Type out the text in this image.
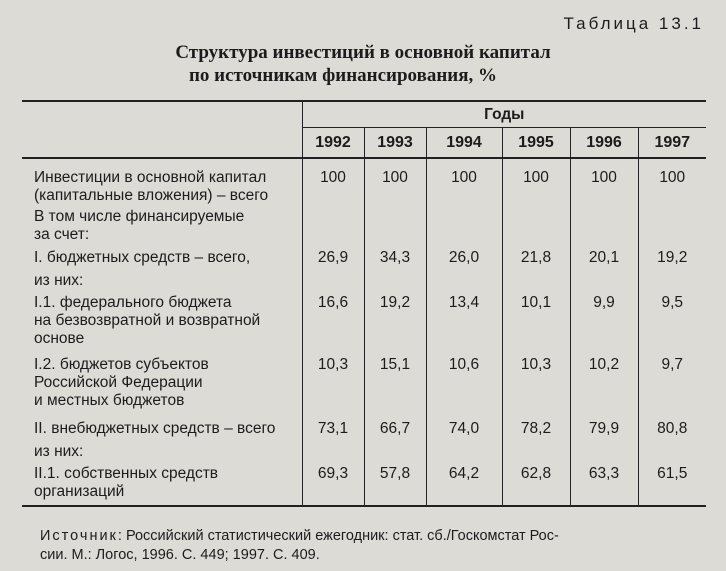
Таблица 13.1
Структура инвестиций в основной капитал
по источникам финансирования, %
	Годы					
	1992	1993	1994	1995	1996	1997

Инвестиции в основной капитал
(капитальные вложения) – всего	100	100	100	100	100	100

В том числе финансируемые
за счет:						

I. бюджетных средств – всего,	26,9	34,3	26,0	21,8	20,1	19,2

из них:						

I.1. федерального бюджета
на безвозвратной и возвратной
основе	16,6	19,2	13,4	10,1	9,9	9,5

I.2. бюджетов субъектов
Российской Федерации
и местных бюджетов	10,3	15,1	10,6	10,3	10,2	9,7

II. внебюджетных средств – всего	73,1	66,7	74,0	78,2	79,9	80,8

из них:						

II.1. собственных средств
организаций	69,3	57,8	64,2	62,8	63,3	61,5
Источник: Российский статистический ежегодник: стат. сб./Госкомстат Рос-
сии. М.: Логос, 1996. С. 449; 1997. С. 409.
